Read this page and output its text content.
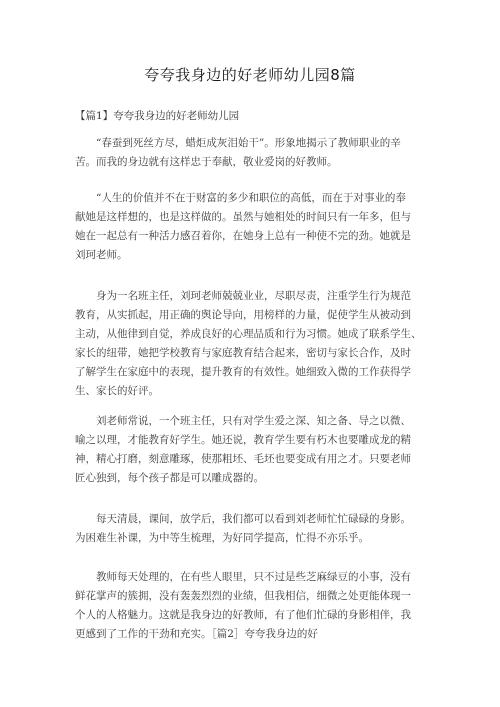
夸夸我身边的好老师幼儿园8篇
【篇1】夸夸我身边的好老师幼儿园
　　“春蚕到死丝方尽，蜡炬成灰泪始干”。形象地揭示了教师职业的辛
苦。而我的身边就有这样忠于奉献，敬业爱岗的好教师。
　　“人生的价值并不在于财富的多少和职位的高低，而在于对事业的奉
献她是这样想的，也是这样做的。虽然与她相处的时间只有一年多，但与
她在一起总有一种活力感召着你，在她身上总有一种使不完的劲。她就是
刘珂老师。
　　身为一名班主任，刘珂老师兢兢业业，尽职尽责，注重学生行为规范
教育，从实抓起，用正确的舆论导向，用榜样的力量，促使学生从被动到
主动，从他律到自觉，养成良好的心理品质和行为习惯。她成了联系学生、
家长的纽带，她把学校教育与家庭教育结合起来，密切与家长合作，及时
了解学生在家庭中的表现，提升教育的有效性。她细致入微的工作获得学
生、家长的好评。
　　刘老师常说，一个班主任，只有对学生爱之深、知之备、导之以微、
喻之以理，才能教育好学生。她还说，教育学生要有朽木也要雕成龙的精
神，精心打磨，刻意雕琢，使那粗坯、毛坯也要变成有用之才。只要老师
匠心独到，每个孩子都是可以雕成器的。
　　每天清晨，课间，放学后，我们都可以看到刘老师忙忙碌碌的身影。
为困难生补课，为中等生梳理，为好同学提高，忙得不亦乐乎。
　　教师每天处理的，在有些人眼里，只不过是些芝麻绿豆的小事，没有
鲜花掌声的簇拥，没有轰轰烈烈的业绩，但我相信，细微之处更能体现一
个人的人格魅力。这就是我身边的好教师，有了他们忙碌的身影相伴，我
更感到了工作的干劲和充实。［篇2］夸夸我身边的好
